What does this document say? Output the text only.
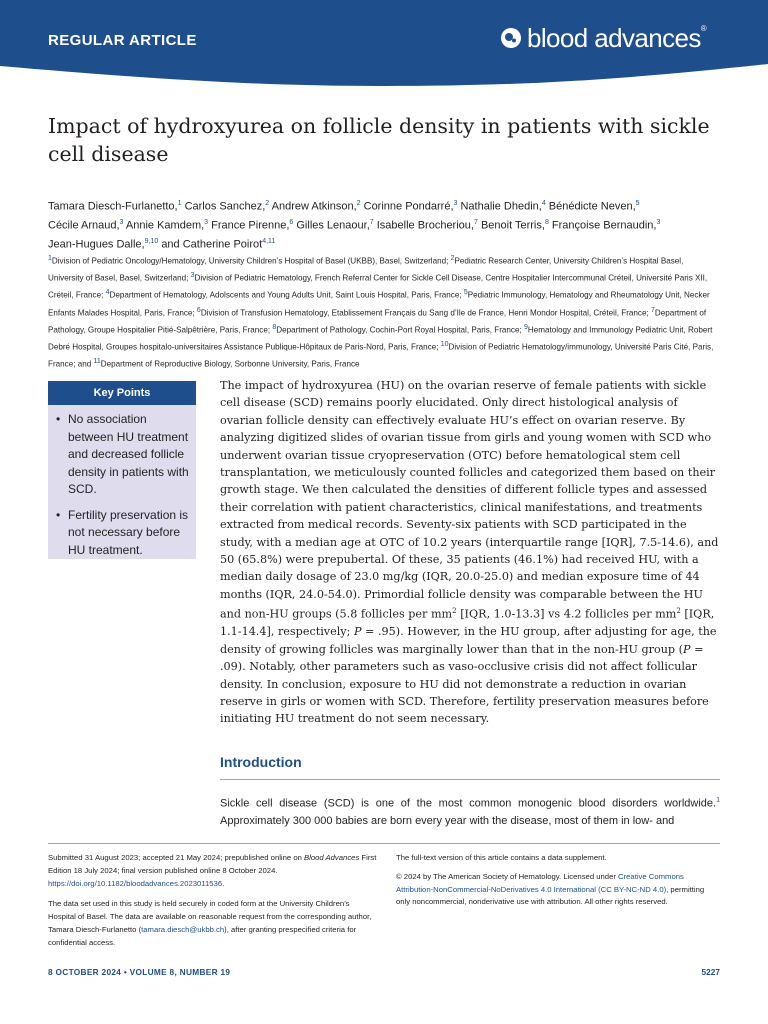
REGULAR ARTICLE	blood advances ®
Impact of hydroxyurea on follicle density in patients with sickle cell disease
Tamara Diesch-Furlanetto,$^1$ Carlos Sanchez,$^2$ Andrew Atkinson,$^2$ Corinne Pondarré,$^3$ Nathalie Dhedin,$^4$ Bénédicte Neven,$^5$
Cécile Arnaud,$^3$ Annie Kamdem,$^3$ France Pirenne,$^6$ Gilles Lenaour,$^7$ Isabelle Brocheriou,$^7$ Benoit Terris,$^8$ Françoise Bernaudin,$^3$
Jean-Hugues Dalle,$^{9,10}$ and Catherine Poirot$^{4,11}$
$^1$Division of Pediatric Oncology/Hematology, University Children’s Hospital of Basel (UKBB), Basel, Switzerland; $^2$Pediatric Research Center, University Children’s Hospital Basel, University of Basel, Basel, Switzerland; $^3$Division of Pediatric Hematology, French Referral Center for Sickle Cell Disease, Centre Hospitalier Intercommunal Créteil, Université Paris XII, Créteil, France; $^4$Department of Hematology, Adolscents and Young Adults Unit, Saint Louis Hospital, Paris, France; $^5$Pediatric Immunology, Hematology and Rheumatology Unit, Necker Enfants Malades Hospital, Paris, France; $^6$Division of Transfusion Hematology, Etablissement Français du Sang d’Ile de France, Henri Mondor Hospital, Créteil, France; $^7$Department of Pathology, Groupe Hospitalier Pitié-Salpêtrière, Paris, France; $^8$Department of Pathology, Cochin-Port Royal Hospital, Paris, France; $^9$Hematology and Immunology Pediatric Unit, Robert Debré Hospital, Groupes hospitalo-universitaires Assistance Publique-Hôpitaux de Paris-Nord, Paris, France; $^{10}$Division of Pediatric Hematology/immunology, Université Paris Cité, Paris, France; and $^{11}$Department of Reproductive Biology, Sorbonne University, Paris, France
Key Points
• No association between HU treatment and decreased follicle density in patients with SCD.
• Fertility preservation is not necessary before HU treatment.
The impact of hydroxyurea (HU) on the ovarian reserve of female patients with sickle cell disease (SCD) remains poorly elucidated. Only direct histological analysis of ovarian follicle density can effectively evaluate HU’s effect on ovarian reserve. By analyzing digitized slides of ovarian tissue from girls and young women with SCD who underwent ovarian tissue cryopreservation (OTC) before hematological stem cell transplantation, we meticulously counted follicles and categorized them based on their growth stage. We then calculated the densities of different follicle types and assessed their correlation with patient characteristics, clinical manifestations, and treatments extracted from medical records. Seventy-six patients with SCD participated in the study, with a median age at OTC of 10.2 years (interquartile range [IQR], 7.5-14.6), and 50 (65.8%) were prepubertal. Of these, 35 patients (46.1%) had received HU, with a median daily dosage of 23.0 mg/kg (IQR, 20.0-25.0) and median exposure time of 44 months (IQR, 24.0-54.0). Primordial follicle density was comparable between the HU and non-HU groups (5.8 follicles per $mm^2$ [IQR, 1.0-13.3] vs 4.2 follicles per $mm^2$ [IQR, 1.1-14.4], respectively; P = .95). However, in the HU group, after adjusting for age, the density of growing follicles was marginally lower than that in the non-HU group (P = .09). Notably, other parameters such as vaso-occlusive crisis did not affect follicular density. In conclusion, exposure to HU did not demonstrate a reduction in ovarian reserve in girls or women with SCD. Therefore, fertility preservation measures before initiating HU treatment do not seem necessary.
Introduction
Sickle cell disease (SCD) is one of the most common monogenic blood disorders worldwide.$^1$ Approximately 300 000 babies are born every year with the disease, most of them in low- and

Submitted 31 August 2023; accepted 21 May 2024; prepublished online on Blood Advances First Edition 18 July 2024; final version published online 8 October 2024. https://doi.org/10.1182/bloodadvances.2023011536.

The data set used in this study is held securely in coded form at the University Children’s Hospital of Basel. The data are available on reasonable request from the corresponding author, Tamara Diesch-Furlanetto (tamara.diesch@ukbb.ch), after granting prespecified criteria for confidential access.

The full-text version of this article contains a data supplement.

© 2024 by The American Society of Hematology. Licensed under Creative Commons Attribution-NonCommercial-NoDerivatives 4.0 International (CC BY-NC-ND 4.0), permitting only noncommercial, nonderivative use with attribution. All other rights reserved.

8 OCTOBER 2024 • VOLUME 8, NUMBER 19	5227
